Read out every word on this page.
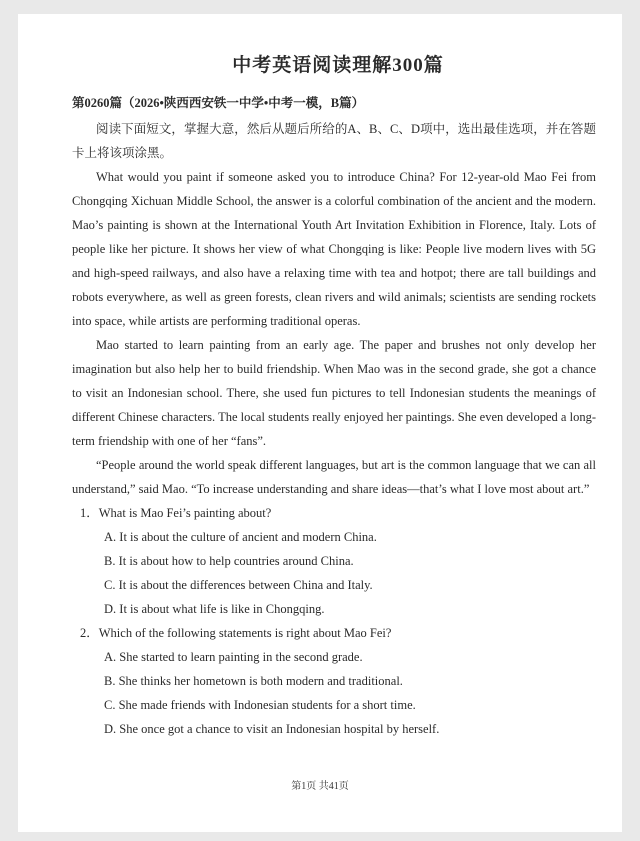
中考英语阅读理解300篇
第0260篇（2026•陕西西安铁一中学•中考一模，B篇）

阅读下面短文，掌握大意，然后从题后所给的A、B、C、D项中，选出最佳选项，并在答题卡上将该项涂黑。

What would you paint if someone asked you to introduce China? For 12-year-old Mao Fei from Chongqing Xichuan Middle School, the answer is a colorful combination of the ancient and the modern. Mao’s painting is shown at the International Youth Art Invitation Exhibition in Florence, Italy. Lots of people like her picture. It shows her view of what Chongqing is like: People live modern lives with 5G and high-speed railways, and also have a relaxing time with tea and hotpot; there are tall buildings and robots everywhere, as well as green forests, clean rivers and wild animals; scientists are sending rockets into space, while artists are performing traditional operas.

Mao started to learn painting from an early age. The paper and brushes not only develop her imagination but also help her to build friendship. When Mao was in the second grade, she got a chance to visit an Indonesian school. There, she used fun pictures to tell Indonesian students the meanings of different Chinese characters. The local students really enjoyed her paintings. She even developed a long-term friendship with one of her “fans”.

“People around the world speak different languages, but art is the common language that we can all understand,” said Mao. “To increase understanding and share ideas—that’s what I love most about art.”

1．What is Mao Fei’s painting about?
A. It is about the culture of ancient and modern China.
B. It is about how to help countries around China.
C. It is about the differences between China and Italy.
D. It is about what life is like in Chongqing.
2．Which of the following statements is right about Mao Fei?
A. She started to learn painting in the second grade.
B. She thinks her hometown is both modern and traditional.
C. She made friends with Indonesian students for a short time.
D. She once got a chance to visit an Indonesian hospital by herself.
第1页 共41页
